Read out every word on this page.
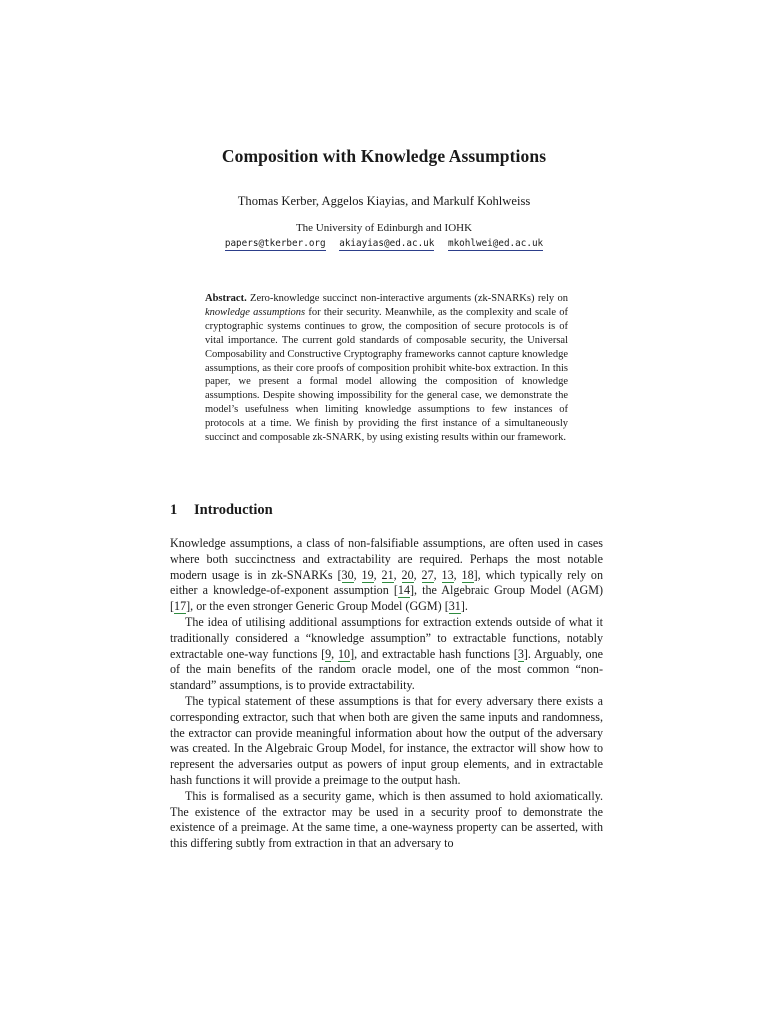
Composition with Knowledge Assumptions
Thomas Kerber, Aggelos Kiayias, and Markulf Kohlweiss
The University of Edinburgh and IOHK
papers@tkerber.org akiayias@ed.ac.uk mkohlwei@ed.ac.uk
Abstract. Zero-knowledge succinct non-interactive arguments (zk-SNARKs) rely on knowledge assumptions for their security. Meanwhile, as the complexity and scale of cryptographic systems continues to grow, the composition of secure protocols is of vital importance. The current gold standards of composable security, the Universal Composability and Constructive Cryptography frameworks cannot capture knowledge assumptions, as their core proofs of composition prohibit white-box extraction. In this paper, we present a formal model allowing the composition of knowledge assumptions. Despite showing impossibility for the general case, we demonstrate the model’s usefulness when limiting knowledge assumptions to few instances of protocols at a time. We finish by providing the first instance of a simultaneously succinct and composable zk-SNARK, by using existing results within our framework.
1 Introduction

Knowledge assumptions, a class of non-falsifiable assumptions, are often used in cases where both succinctness and extractability are required. Perhaps the most notable modern usage is in zk-SNARKs [30, 19, 21, 20, 27, 13, 18], which typically rely on either a knowledge-of-exponent assumption [14], the Algebraic Group Model (AGM) [17], or the even stronger Generic Group Model (GGM) [31].

The idea of utilising additional assumptions for extraction extends outside of what it traditionally considered a “knowledge assumption” to extractable functions, notably extractable one-way functions [9, 10], and extractable hash functions [3]. Arguably, one of the main benefits of the random oracle model, one of the most common “non-standard” assumptions, is to provide extractability.

The typical statement of these assumptions is that for every adversary there exists a corresponding extractor, such that when both are given the same inputs and randomness, the extractor can provide meaningful information about how the output of the adversary was created. In the Algebraic Group Model, for instance, the extractor will show how to represent the adversaries output as powers of input group elements, and in extractable hash functions it will provide a preimage to the output hash.

This is formalised as a security game, which is then assumed to hold axiomatically. The existence of the extractor may be used in a security proof to demonstrate the existence of a preimage. At the same time, a one-wayness property can be asserted, with this differing subtly from extraction in that an adversary to
